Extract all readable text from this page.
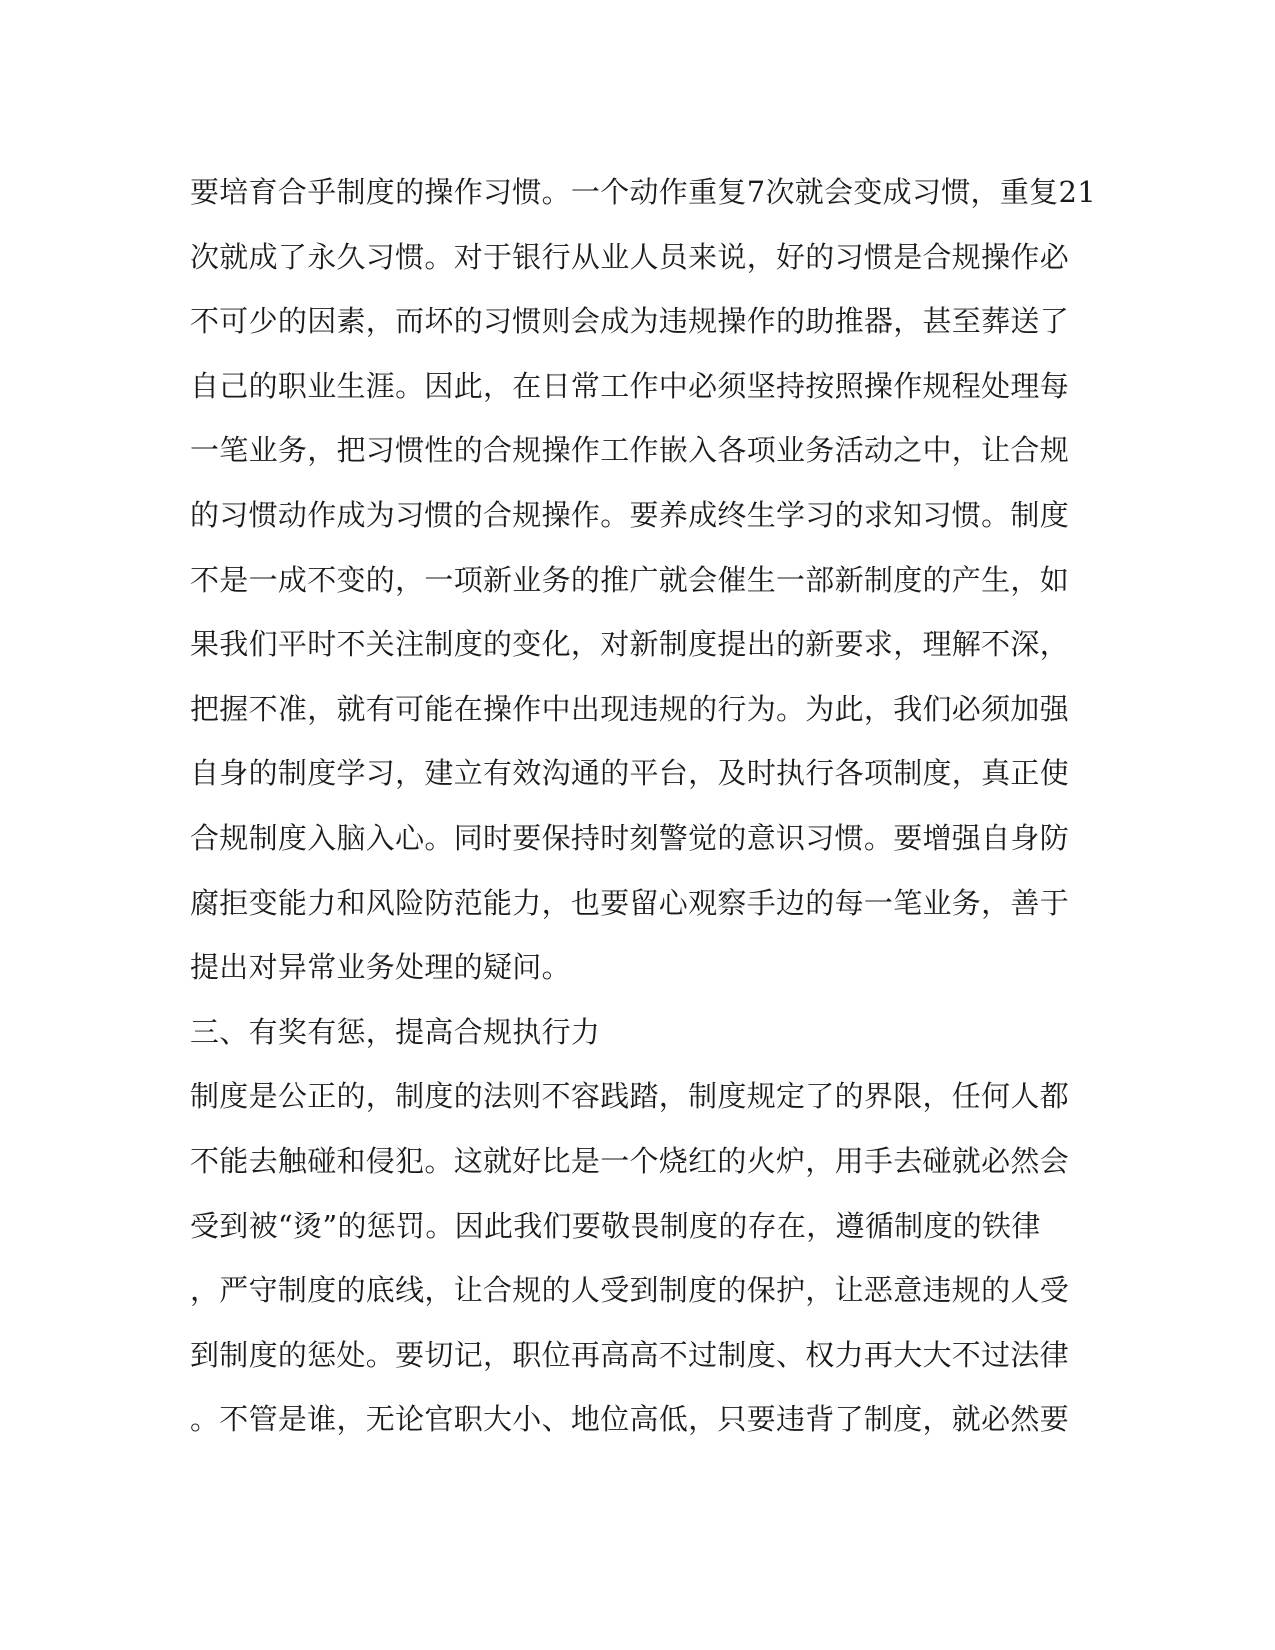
要培育合乎制度的操作习惯。一个动作重复7次就会变成习惯，重复21
次就成了永久习惯。对于银行从业人员来说，好的习惯是合规操作必
不可少的因素，而坏的习惯则会成为违规操作的助推器，甚至葬送了
自己的职业生涯。因此，在日常工作中必须坚持按照操作规程处理每
一笔业务，把习惯性的合规操作工作嵌入各项业务活动之中，让合规
的习惯动作成为习惯的合规操作。要养成终生学习的求知习惯。制度
不是一成不变的，一项新业务的推广就会催生一部新制度的产生，如
果我们平时不关注制度的变化，对新制度提出的新要求，理解不深，
把握不准，就有可能在操作中出现违规的行为。为此，我们必须加强
自身的制度学习，建立有效沟通的平台，及时执行各项制度，真正使
合规制度入脑入心。同时要保持时刻警觉的意识习惯。要增强自身防
腐拒变能力和风险防范能力，也要留心观察手边的每一笔业务，善于
提出对异常业务处理的疑问。
三、有奖有惩，提高合规执行力
制度是公正的，制度的法则不容践踏，制度规定了的界限，任何人都
不能去触碰和侵犯。这就好比是一个烧红的火炉，用手去碰就必然会
受到被“烫”的惩罚。因此我们要敬畏制度的存在，遵循制度的铁律
，严守制度的底线，让合规的人受到制度的保护，让恶意违规的人受
到制度的惩处。要切记，职位再高高不过制度、权力再大大不过法律
。不管是谁，无论官职大小、地位高低，只要违背了制度，就必然要
